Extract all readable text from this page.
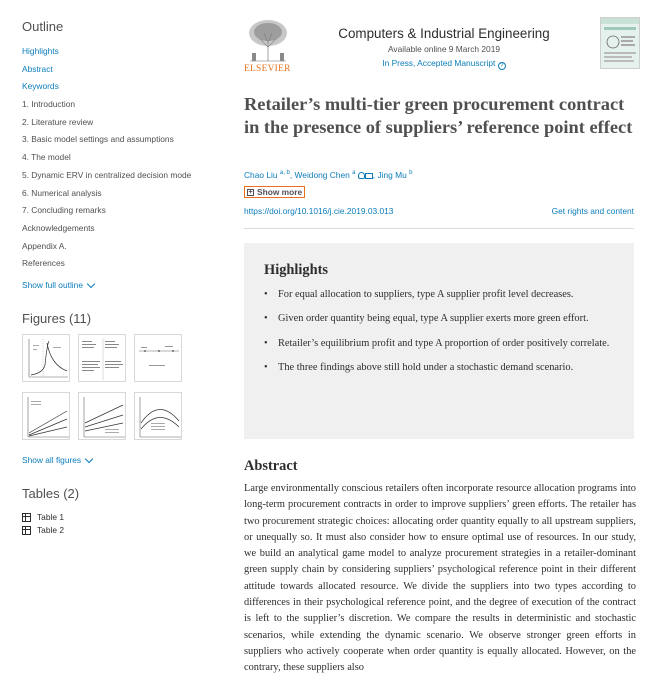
Outline
Highlights
Abstract
Keywords
1. Introduction
2. Literature review
3. Basic model settings and assumptions
4. The model
5. Dynamic ERV in centralized decision mode
6. Numerical analysis
7. Concluding remarks
Acknowledgements
Appendix A.
References
Show full outline
Figures (11)
Show all figures
Tables (2)
Table 1
Table 2
ELSEVIER
Computers & Industrial Engineering
Available online 9 March 2019
In Press, Accepted Manuscript ?
Retailer’s multi-tier green procurement contract in the presence of suppliers’ reference point effect
Chao Liu $^{a, b}$, Weidong Chen $^a$ , Jing Mu $^b$
+ Show more
https://doi.org/10.1016/j.cie.2019.03.013	Get rights and content
Highlights
• For equal allocation to suppliers, type A supplier profit level decreases.
• Given order quantity being equal, type A supplier exerts more green effort.
• Retailer’s equilibrium profit and type A proportion of order positively correlate.
• The three findings above still hold under a stochastic demand scenario.
Abstract

Large environmentally conscious retailers often incorporate resource allocation programs into long-term procurement contracts in order to improve suppliers’ green efforts. The retailer has two procurement strategic choices: allocating order quantity equally to all upstream suppliers, or unequally so. It must also consider how to ensure optimal use of resources. In our study, we build an analytical game model to analyze procurement strategies in a retailer-dominant green supply chain by considering suppliers’ psychological reference point in their different attitude towards allocated resource. We divide the suppliers into two types according to differences in their psychological reference point, and the degree of execution of the contract is left to the supplier’s discretion. We compare the results in deterministic and stochastic scenarios, while extending the dynamic scenario. We observe stronger green efforts in suppliers who actively cooperate when order quantity is equally allocated. However, on the contrary, these suppliers also
